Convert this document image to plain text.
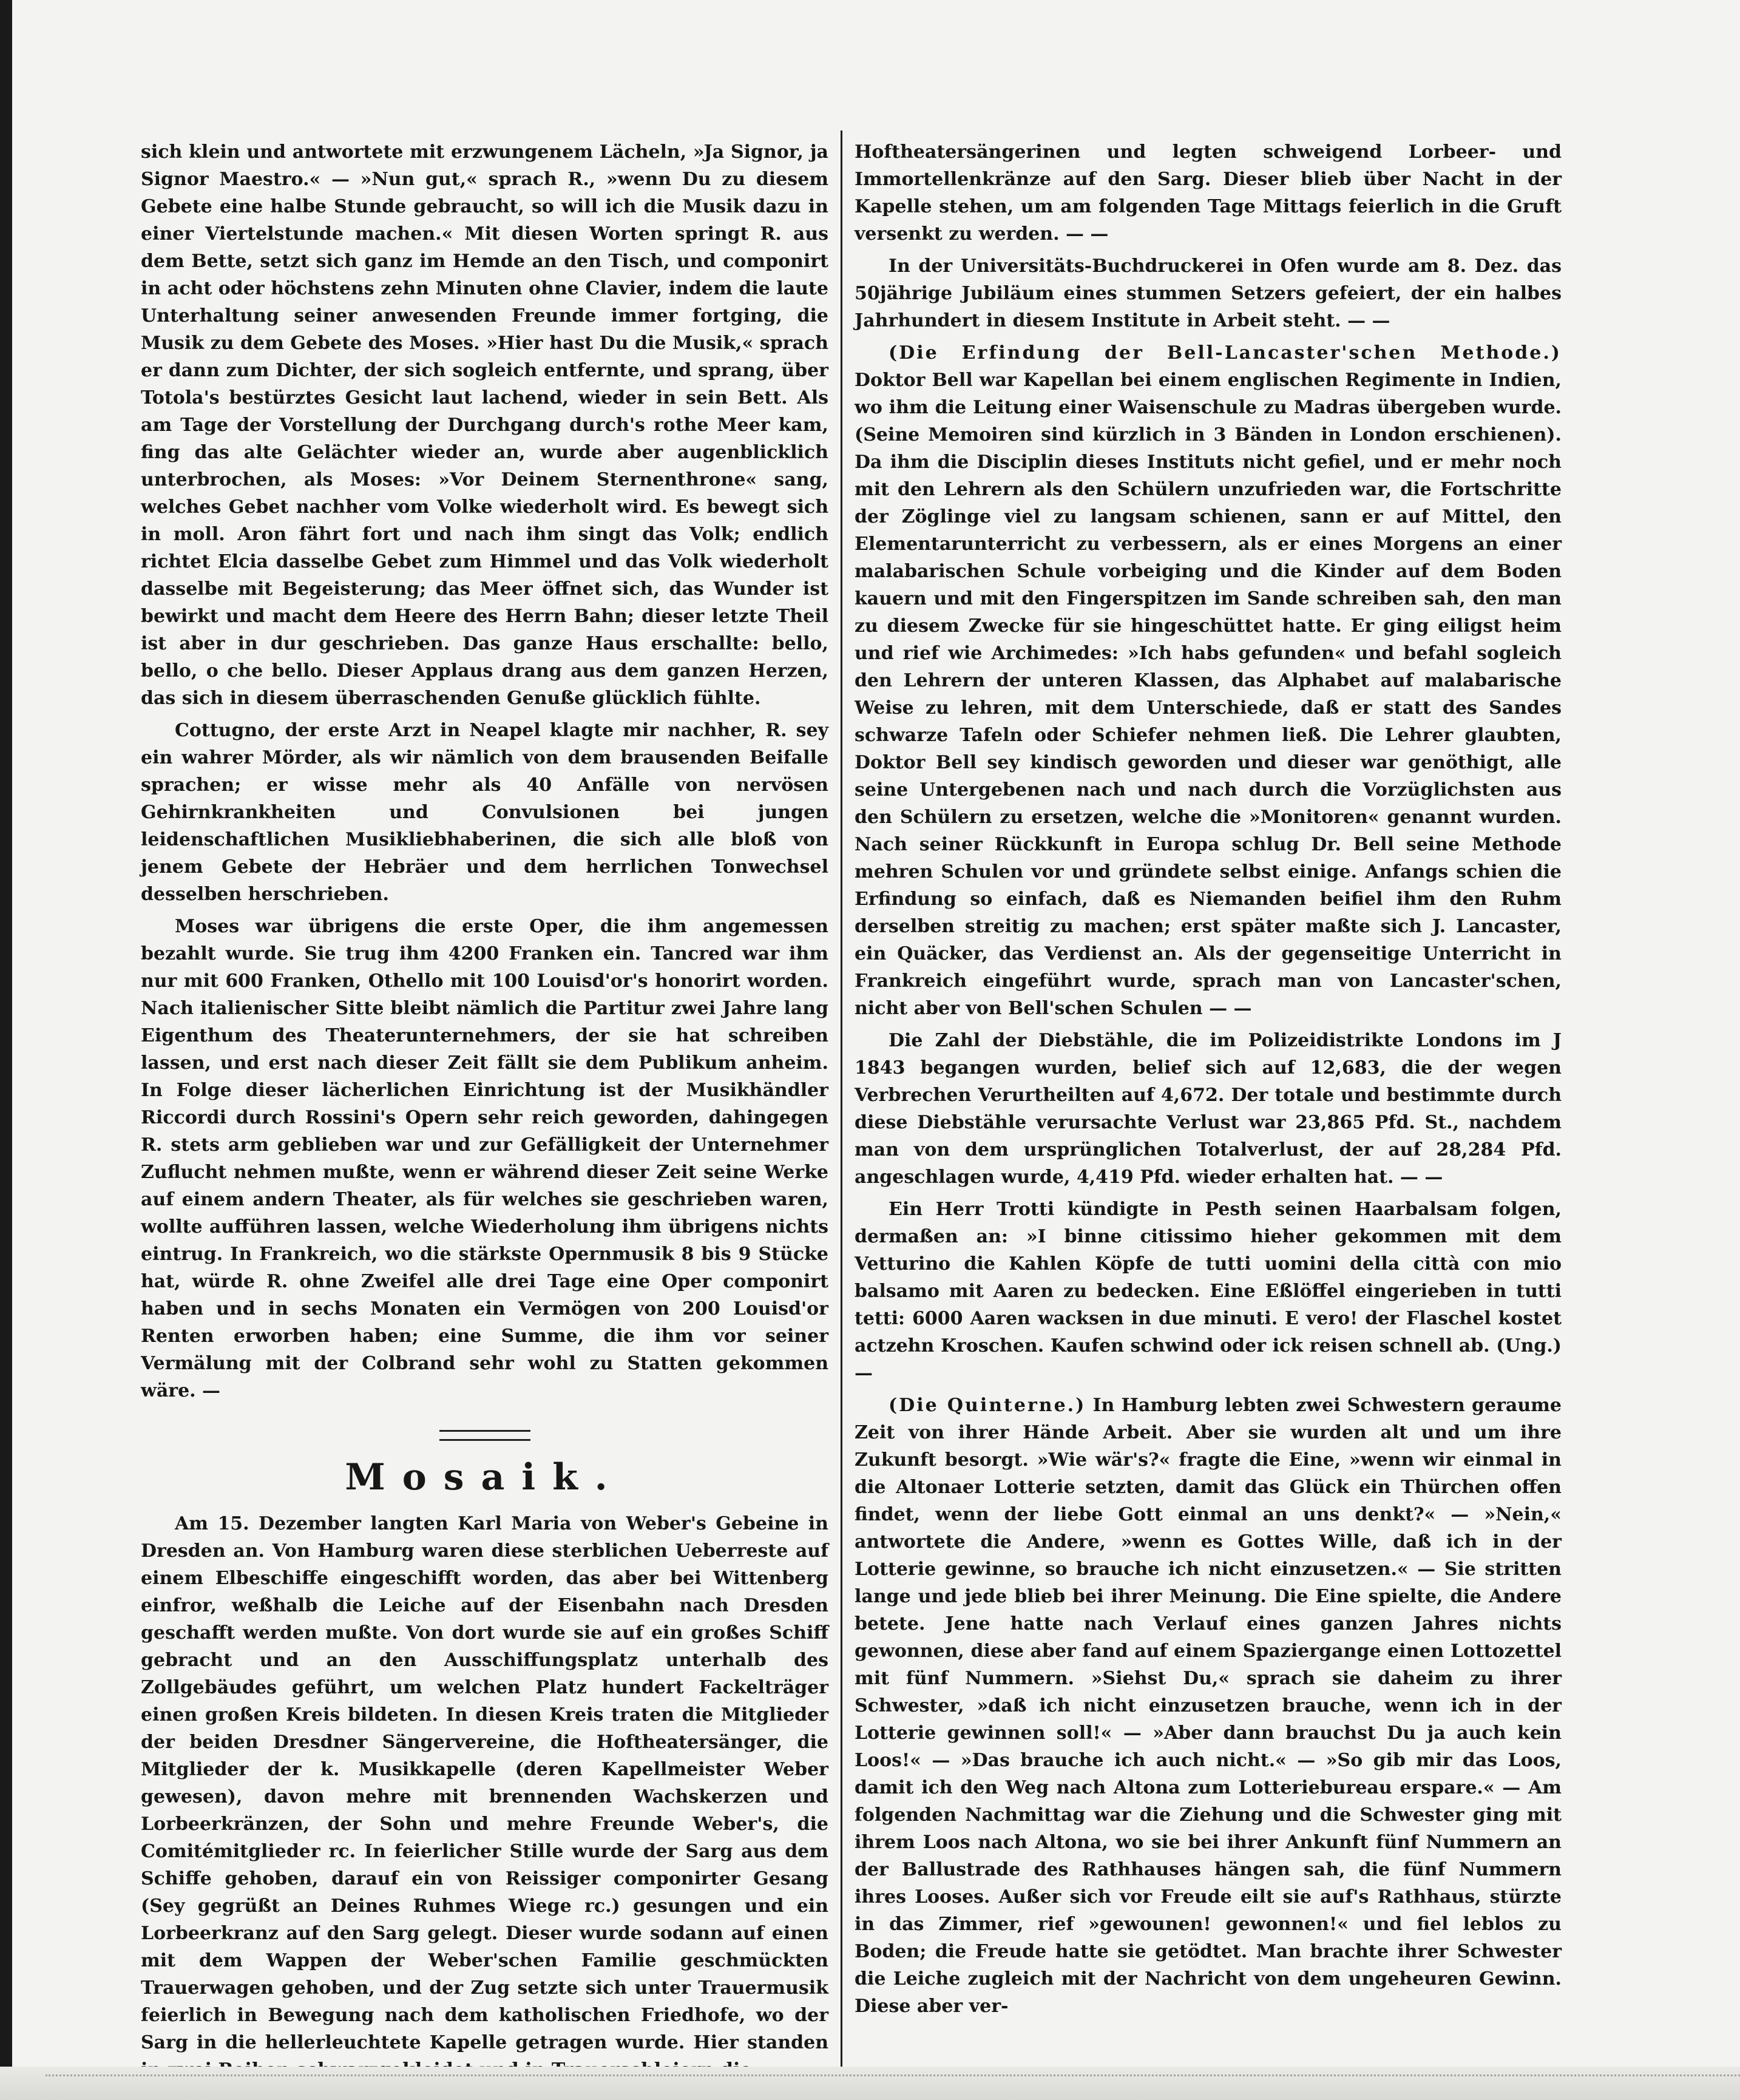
sich klein und antwortete mit erzwungenem Lächeln, »Ja Signor, ja Signor Maestro.« — »Nun gut,« sprach R., »wenn Du zu diesem Gebete eine halbe Stunde gebraucht, so will ich die Musik dazu in einer Viertelstunde machen.« Mit diesen Worten springt R. aus dem Bette, setzt sich ganz im Hemde an den Tisch, und componirt in acht oder höchstens zehn Minuten ohne Clavier, indem die laute Unterhaltung seiner anwesenden Freunde immer fortging, die Musik zu dem Gebete des Moses. »Hier hast Du die Musik,« sprach er dann zum Dichter, der sich sogleich entfernte, und sprang, über Totola's bestürztes Gesicht laut lachend, wieder in sein Bett. Als am Tage der Vorstellung der Durchgang durch's rothe Meer kam, fing das alte Gelächter wieder an, wurde aber augenblicklich unterbrochen, als Moses: »Vor Deinem Sternenthrone« sang, welches Gebet nachher vom Volke wiederholt wird. Es bewegt sich in moll. Aron fährt fort und nach ihm singt das Volk; endlich richtet Elcia dasselbe Gebet zum Himmel und das Volk wiederholt dasselbe mit Begeisterung; das Meer öffnet sich, das Wunder ist bewirkt und macht dem Heere des Herrn Bahn; dieser letzte Theil ist aber in dur geschrieben. Das ganze Haus erschallte: bello, bello, o che bello. Dieser Applaus drang aus dem ganzen Herzen, das sich in diesem überraschenden Genuße glücklich fühlte.

Cottugno, der erste Arzt in Neapel klagte mir nachher, R. sey ein wahrer Mörder, als wir nämlich von dem brausenden Beifalle sprachen; er wisse mehr als 40 Anfälle von nervösen Gehirnkrankheiten und Convulsionen bei jungen leidenschaftlichen Musikliebhaberinen, die sich alle bloß von jenem Gebete der Hebräer und dem herrlichen Tonwechsel desselben herschrieben.

Moses war übrigens die erste Oper, die ihm angemessen bezahlt wurde. Sie trug ihm 4200 Franken ein. Tancred war ihm nur mit 600 Franken, Othello mit 100 Louisd'or's honorirt worden. Nach italienischer Sitte bleibt nämlich die Partitur zwei Jahre lang Eigenthum des Theaterunternehmers, der sie hat schreiben lassen, und erst nach dieser Zeit fällt sie dem Publikum anheim. In Folge dieser lächerlichen Einrichtung ist der Musikhändler Riccordi durch Rossini's Opern sehr reich geworden, dahingegen R. stets arm geblieben war und zur Gefälligkeit der Unternehmer Zuflucht nehmen mußte, wenn er während dieser Zeit seine Werke auf einem andern Theater, als für welches sie geschrieben waren, wollte aufführen lassen, welche Wiederholung ihm übrigens nichts eintrug. In Frankreich, wo die stärkste Opernmusik 8 bis 9 Stücke hat, würde R. ohne Zweifel alle drei Tage eine Oper componirt haben und in sechs Monaten ein Vermögen von 200 Louisd'or Renten erworben haben; eine Summe, die ihm vor seiner Vermälung mit der Colbrand sehr wohl zu Statten gekommen wäre. —

Mosaik.

Am 15. Dezember langten Karl Maria von Weber's Gebeine in Dresden an. Von Hamburg waren diese sterblichen Ueberreste auf einem Elbeschiffe eingeschifft worden, das aber bei Wittenberg einfror, weßhalb die Leiche auf der Eisenbahn nach Dresden geschafft werden mußte. Von dort wurde sie auf ein großes Schiff gebracht und an den Ausschiffungsplatz unterhalb des Zollgebäudes geführt, um welchen Platz hundert Fackelträger einen großen Kreis bildeten. In diesen Kreis traten die Mitglieder der beiden Dresdner Sängervereine, die Hoftheatersänger, die Mitglieder der k. Musikkapelle (deren Kapellmeister Weber gewesen), davon mehre mit brennenden Wachskerzen und Lorbeerkränzen, der Sohn und mehre Freunde Weber's, die Comitémitglieder rc. In feierlicher Stille wurde der Sarg aus dem Schiffe gehoben, darauf ein von Reissiger componirter Gesang (Sey gegrüßt an Deines Ruhmes Wiege rc.) gesungen und ein Lorbeerkranz auf den Sarg gelegt. Dieser wurde sodann auf einen mit dem Wappen der Weber'schen Familie geschmückten Trauerwagen gehoben, und der Zug setzte sich unter Trauermusik feierlich in Bewegung nach dem katholischen Friedhofe, wo der Sarg in die hellerleuchtete Kapelle getragen wurde. Hier standen

Hoftheatersängerinen und legten schweigend Lorbeer- und Immortellenkränze auf den Sarg. Dieser blieb über Nacht in der Kapelle stehen, um am folgenden Tage Mittags feierlich in die Gruft versenkt zu werden. — —

In der Universitäts-Buchdruckerei in Ofen wurde am 8. Dez. das 50jährige Jubiläum eines stummen Setzers gefeiert, der ein halbes Jahrhundert in diesem Institute in Arbeit steht. — —

(Die Erfindung der Bell-Lancaster'schen Methode.) Doktor Bell war Kapellan bei einem englischen Regimente in Indien, wo ihm die Leitung einer Waisenschule zu Madras übergeben wurde. (Seine Memoiren sind kürzlich in 3 Bänden in London erschienen). Da ihm die Disciplin dieses Instituts nicht gefiel, und er mehr noch mit den Lehrern als den Schülern unzufrieden war, die Fortschritte der Zöglinge viel zu langsam schienen, sann er auf Mittel, den Elementarunterricht zu verbessern, als er eines Morgens an einer malabarischen Schule vorbeiging und die Kinder auf dem Boden kauern und mit den Fingerspitzen im Sande schreiben sah, den man zu diesem Zwecke für sie hingeschüttet hatte. Er ging eiligst heim und rief wie Archimedes: »Ich habs gefunden« und befahl sogleich den Lehrern der unteren Klassen, das Alphabet auf malabarische Weise zu lehren, mit dem Unterschiede, daß er statt des Sandes schwarze Tafeln oder Schiefer nehmen ließ. Die Lehrer glaubten, Doktor Bell sey kindisch geworden und dieser war genöthigt, alle seine Untergebenen nach und nach durch die Vorzüglichsten aus den Schülern zu ersetzen, welche die »Monitoren« genannt wurden. Nach seiner Rückkunft in Europa schlug Dr. Bell seine Methode mehren Schulen vor und gründete selbst einige. Anfangs schien die Erfindung so einfach, daß es Niemanden beifiel ihm den Ruhm derselben streitig zu machen; erst später maßte sich J. Lancaster, ein Quäcker, das Verdienst an. Als der gegenseitige Unterricht in Frankreich eingeführt wurde, sprach man von Lancaster'schen, nicht aber von Bell'schen Schulen — —

Die Zahl der Diebstähle, die im Polizeidistrikte Londons im J 1843 begangen wurden, belief sich auf 12,683, die der wegen Verbrechen Verurtheilten auf 4,672. Der totale und bestimmte durch diese Diebstähle verursachte Verlust war 23,865 Pfd. St., nachdem man von dem ursprünglichen Totalverlust, der auf 28,284 Pfd. angeschlagen wurde, 4,419 Pfd. wieder erhalten hat. — —

Ein Herr Trotti kündigte in Pesth seinen Haarbalsam folgen, dermaßen an: »I binne citissimo hieher gekommen mit dem Vetturino die Kahlen Köpfe de tutti uomini della città con mio balsamo mit Aaren zu bedecken. Eine Eßlöffel eingerieben in tutti tetti: 6000 Aaren wacksen in due minuti. E vero! der Flaschel kostet actzehn Kroschen. Kaufen schwind oder ick reisen schnell ab. (Ung.)—

(Die Quinterne.) In Hamburg lebten zwei Schwestern geraume Zeit von ihrer Hände Arbeit. Aber sie wurden alt und um ihre Zukunft besorgt. »Wie wär's?« fragte die Eine, »wenn wir einmal in die Altonaer Lotterie setzten, damit das Glück ein Thürchen offen findet, wenn der liebe Gott einmal an uns denkt?« — »Nein,« antwortete die Andere, »wenn es Gottes Wille, daß ich in der Lotterie gewinne, so brauche ich nicht einzusetzen.« — Sie stritten lange und jede blieb bei ihrer Meinung. Die Eine spielte, die Andere betete. Jene hatte nach Verlauf eines ganzen Jahres nichts gewonnen, diese aber fand auf einem Spaziergange einen Lottozettel mit fünf Nummern. »Siehst Du,« sprach sie daheim zu ihrer Schwester, »daß ich nicht einzusetzen brauche, wenn ich in der Lotterie gewinnen soll!« — »Aber dann brauchst Du ja auch kein Loos!« — »Das brauche ich auch nicht.« — »So gib mir das Loos, damit ich den Weg nach Altona zum Lotteriebureau erspare.« — Am folgenden Nachmittag war die Ziehung und die Schwester ging mit ihrem Loos nach Altona, wo sie bei ihrer Ankunft fünf Nummern an der Ballustrade des Rathhauses hängen sah, die fünf Nummern ihres Looses. Außer sich vor Freude eilt sie auf's Rathhaus, stürzte in das Zimmer, rief »gewounen! gewonnen!« und fiel leblos zu Boden; die Freude hatte sie getödtet. Man brachte ihrer Schwester die Leiche zugleich mit der Nachricht von dem ungeheuren Gewinn. Diese aber ver-
